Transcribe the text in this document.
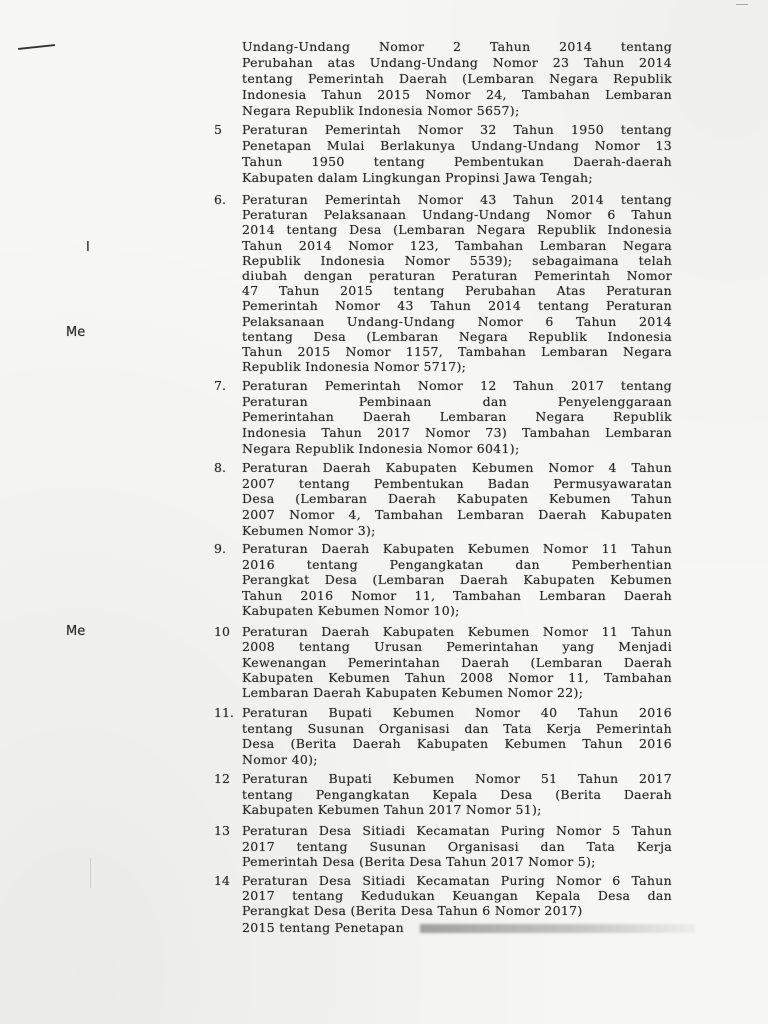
I
Me
Me
Undang-Undang Nomor 2 Tahun 2014 tentang
Perubahan atas Undang-Undang Nomor 23 Tahun 2014
tentang Pemerintah Daerah (Lembaran Negara Republik
Indonesia Tahun 2015 Nomor 24, Tambahan Lembaran
Negara Republik Indonesia Nomor 5657);
5 Peraturan Pemerintah Nomor 32 Tahun 1950 tentang
Penetapan Mulai Berlakunya Undang-Undang Nomor 13
Tahun 1950 tentang Pembentukan Daerah-daerah
Kabupaten dalam Lingkungan Propinsi Jawa Tengah;
6. Peraturan Pemerintah Nomor 43 Tahun 2014 tentang
Peraturan Pelaksanaan Undang-Undang Nomor 6 Tahun
2014 tentang Desa (Lembaran Negara Republik Indonesia
Tahun 2014 Nomor 123, Tambahan Lembaran Negara
Republik Indonesia Nomor 5539); sebagaimana telah
diubah dengan peraturan Peraturan Pemerintah Nomor
47 Tahun 2015 tentang Perubahan Atas Peraturan
Pemerintah Nomor 43 Tahun 2014 tentang Peraturan
Pelaksanaan Undang-Undang Nomor 6 Tahun 2014
tentang Desa (Lembaran Negara Republik Indonesia
Tahun 2015 Nomor 1157, Tambahan Lembaran Negara
Republik Indonesia Nomor 5717);
7. Peraturan Pemerintah Nomor 12 Tahun 2017 tentang
Peraturan Pembinaan dan Penyelenggaraan
Pemerintahan Daerah Lembaran Negara Republik
Indonesia Tahun 2017 Nomor 73) Tambahan Lembaran
Negara Republik Indonesia Nomor 6041);
8. Peraturan Daerah Kabupaten Kebumen Nomor 4 Tahun
2007 tentang Pembentukan Badan Permusyawaratan
Desa (Lembaran Daerah Kabupaten Kebumen Tahun
2007 Nomor 4, Tambahan Lembaran Daerah Kabupaten
Kebumen Nomor 3);
9. Peraturan Daerah Kabupaten Kebumen Nomor 11 Tahun
2016 tentang Pengangkatan dan Pemberhentian
Perangkat Desa (Lembaran Daerah Kabupaten Kebumen
Tahun 2016 Nomor 11, Tambahan Lembaran Daerah
Kabupaten Kebumen Nomor 10);
10 Peraturan Daerah Kabupaten Kebumen Nomor 11 Tahun
2008 tentang Urusan Pemerintahan yang Menjadi
Kewenangan Pemerintahan Daerah (Lembaran Daerah
Kabupaten Kebumen Tahun 2008 Nomor 11, Tambahan
Lembaran Daerah Kabupaten Kebumen Nomor 22);
11. Peraturan Bupati Kebumen Nomor 40 Tahun 2016
tentang Susunan Organisasi dan Tata Kerja Pemerintah
Desa (Berita Daerah Kabupaten Kebumen Tahun 2016
Nomor 40);
12 Peraturan Bupati Kebumen Nomor 51 Tahun 2017
tentang Pengangkatan Kepala Desa (Berita Daerah
Kabupaten Kebumen Tahun 2017 Nomor 51);
13 Peraturan Desa Sitiadi Kecamatan Puring Nomor 5 Tahun
2017 tentang Susunan Organisasi dan Tata Kerja
Pemerintah Desa (Berita Desa Tahun 2017 Nomor 5);
14 Peraturan Desa Sitiadi Kecamatan Puring Nomor 6 Tahun
2017 tentang Kedudukan Keuangan Kepala Desa dan
Perangkat Desa (Berita Desa Tahun 6 Nomor 2017)
2015 tentang Penetapan
